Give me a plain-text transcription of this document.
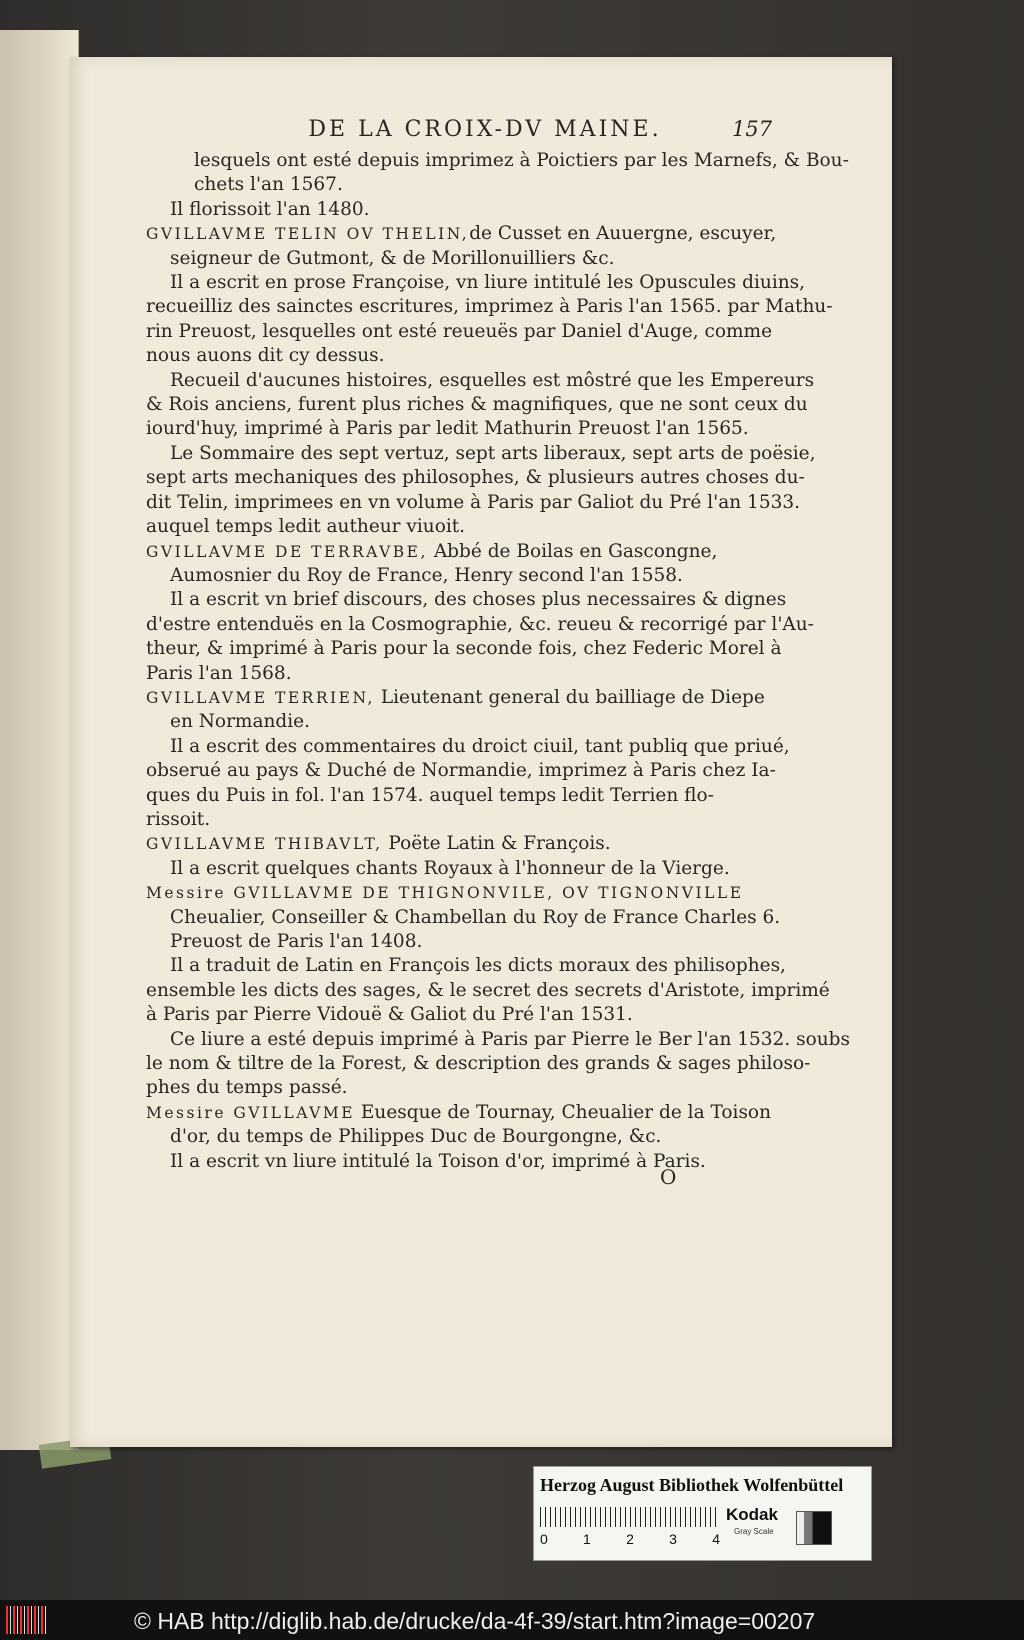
DE LA CROIX-DV MAINE.	157
lesquels ont esté depuis imprimez à Poictiers par les Marnefs, & Bou-
chets l'an 1567.
Il florissoit l'an 1480.
GVILLAVME TELIN OV THELIN,de Cusset en Auuergne, escuyer,
seigneur de Gutmont, & de Morillonuilliers &c.
Il a escrit en prose Françoise, vn liure intitulé les Opuscules diuins,
recueilliz des sainctes escritures, imprimez à Paris l'an 1565. par Mathu-
rin Preuost, lesquelles ont esté reueuës par Daniel d'Auge, comme
nous auons dit cy dessus.
Recueil d'aucunes histoires, esquelles est môstré que les Empereurs
& Rois anciens, furent plus riches & magnifiques, que ne sont ceux du
iourd'huy, imprimé à Paris par ledit Mathurin Preuost l'an 1565.
Le Sommaire des sept vertuz, sept arts liberaux, sept arts de poësie,
sept arts mechaniques des philosophes, & plusieurs autres choses du-
dit Telin, imprimees en vn volume à Paris par Galiot du Pré l'an 1533.
auquel temps ledit autheur viuoit.
GVILLAVME DE TERRAVBE, Abbé de Boilas en Gascongne,
Aumosnier du Roy de France, Henry second l'an 1558.
Il a escrit vn brief discours, des choses plus necessaires & dignes
d'estre entenduës en la Cosmographie, &c. reueu & recorrigé par l'Au-
theur, & imprimé à Paris pour la seconde fois, chez Federic Morel à
Paris l'an 1568.
GVILLAVME TERRIEN, Lieutenant general du bailliage de Diepe
en Normandie.
Il a escrit des commentaires du droict ciuil, tant publiq que priué,
obserué au pays & Duché de Normandie, imprimez à Paris chez Ia-
ques du Puis in fol. l'an 1574. auquel temps ledit Terrien flo-
rissoit.
GVILLAVME THIBAVLT, Poëte Latin & François.
Il a escrit quelques chants Royaux à l'honneur de la Vierge.
Messire GVILLAVME DE THIGNONVILE, OV TIGNONVILLE
Cheualier, Conseiller & Chambellan du Roy de France Charles 6.
Preuost de Paris l'an 1408.
Il a traduit de Latin en François les dicts moraux des philisophes,
ensemble les dicts des sages, & le secret des secrets d'Aristote, imprimé
à Paris par Pierre Vidouë & Galiot du Pré l'an 1531.
Ce liure a esté depuis imprimé à Paris par Pierre le Ber l'an 1532. soubs
le nom & tiltre de la Forest, & description des grands & sages philoso-
phes du temps passé.
Messire GVILLAVME Euesque de Tournay, Cheualier de la Toison
d'or, du temps de Philippes Duc de Bourgongne, &c.
Il a escrit vn liure intitulé la Toison d'or, imprimé à Paris.
O
Herzog August Bibliothek Wolfenbüttel
0	1	2	3	4
Kodak
Gray Scale
© HAB http://diglib.hab.de/drucke/da-4f-39/start.htm?image=00207
